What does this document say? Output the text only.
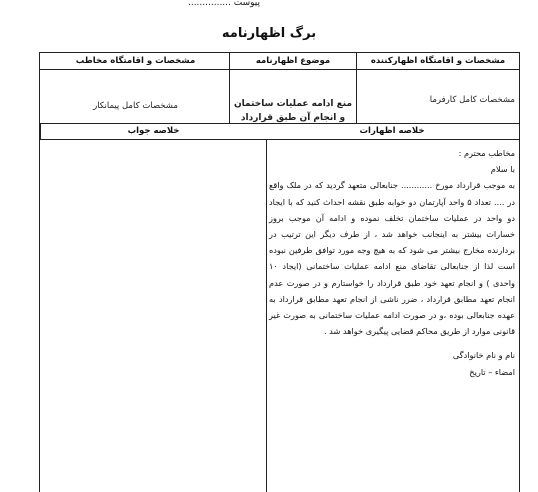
پیوست ...............
برگ اظهارنامه
مشخصات و اقامتگاه اظهارکننده
موضوع اظهارنامه
مشخصات و اقامتگاه مخاطب
مشخصات کامل کارفرما
منع ادامه عملیات ساختمان و انجام آن طبق قرارداد
مشخصات کامل پیمانکار
خلاصه اظهارات
خلاصه جواب

مخاطب محترم :

با سلام

به موجب قرارداد مورخ ............ جنابعالی متعهد گردید که در ملک واقع در .... تعداد ۵ واحد آپارتمان دو خوابه طبق نقشه احداث کنید که با ایجاد دو واحد در عملیات ساختمان تخلف نموده و ادامه آن موجب بروز خسارات بیشتر به اینجانب خواهد شد ، از طرف دیگر این ترتیب در بردارنده مخارج بیشتر می شود که به هیچ وجه مورد توافق طرفین نبوده است لذا از جنابعالی تقاضای منع ادامه عملیات ساختمانی (ایجاد ۱۰ واحدی ) و انجام تعهد خود طبق قرارداد را خواستارم و در صورت عدم انجام تعهد مطابق قرارداد ، ضرر ناشی از انجام تعهد مطابق قرارداد به عهده جنابعالی بوده ،و در صورت ادامه عملیات ساختمانی به صورت غیر قانونی موارد از طریق محاکم قضایی پیگیری خواهد شد .

نام و نام خانوادگی

امضاء – تاریخ
